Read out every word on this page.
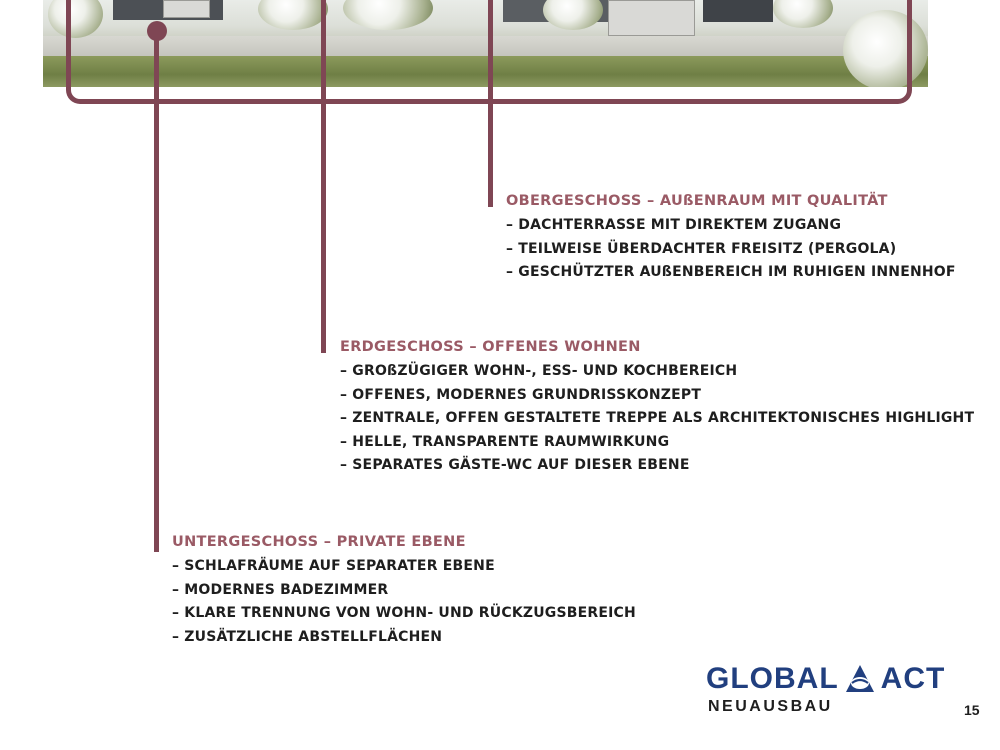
OBERGESCHOSS – AUßENRAUM MIT QUALITÄT
– DACHTERRASSE MIT DIREKTEM ZUGANG
– TEILWEISE ÜBERDACHTER FREISITZ (PERGOLA)
– GESCHÜTZTER AUßENBEREICH IM RUHIGEN INNENHOF
ERDGESCHOSS – OFFENES WOHNEN
– GROßZÜGIGER WOHN-, ESS- UND KOCHBEREICH
– OFFENES, MODERNES GRUNDRISSKONZEPT
– ZENTRALE, OFFEN GESTALTETE TREPPE ALS ARCHITEKTONISCHES HIGHLIGHT
– HELLE, TRANSPARENTE RAUMWIRKUNG
– SEPARATES GÄSTE-WC AUF DIESER EBENE
UNTERGESCHOSS – PRIVATE EBENE
– SCHLAFRÄUME AUF SEPARATER EBENE
– MODERNES BADEZIMMER
– KLARE TRENNUNG VON WOHN- UND RÜCKZUGSBEREICH
– ZUSÄTZLICHE ABSTELLFLÄCHEN
GLOBAL ACT
NEUAUSBAU	15
